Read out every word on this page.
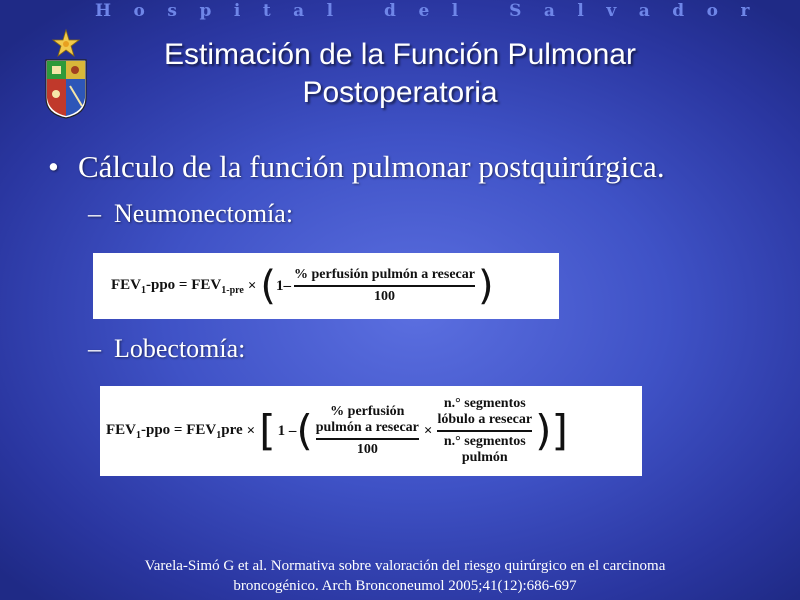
Hospital del Salvador
Estimación de la Función Pulmonar
Postoperatoria
• Cálculo de la función pulmonar postquirúrgica.
– Neumonectomía:
$FEV_1$-ppo = $FEV_{1-pre}$ × ( $1- \frac{\text{\% perfusión pulmón a resecar}}{100}$ )
– Lobectomía:
$FEV_1$-ppo = $FEV_1pre$ × [ 1 – (	% perfusión
pulmón a resecar
100
×
n.° segmentos
lóbulo a resecar
n.° segmentos
pulmón
) ]
Varela-Simó G et al. Normativa sobre valoración del riesgo quirúrgico en el carcinoma
broncogénico. Arch Bronconeumol 2005;41(12):686-697
